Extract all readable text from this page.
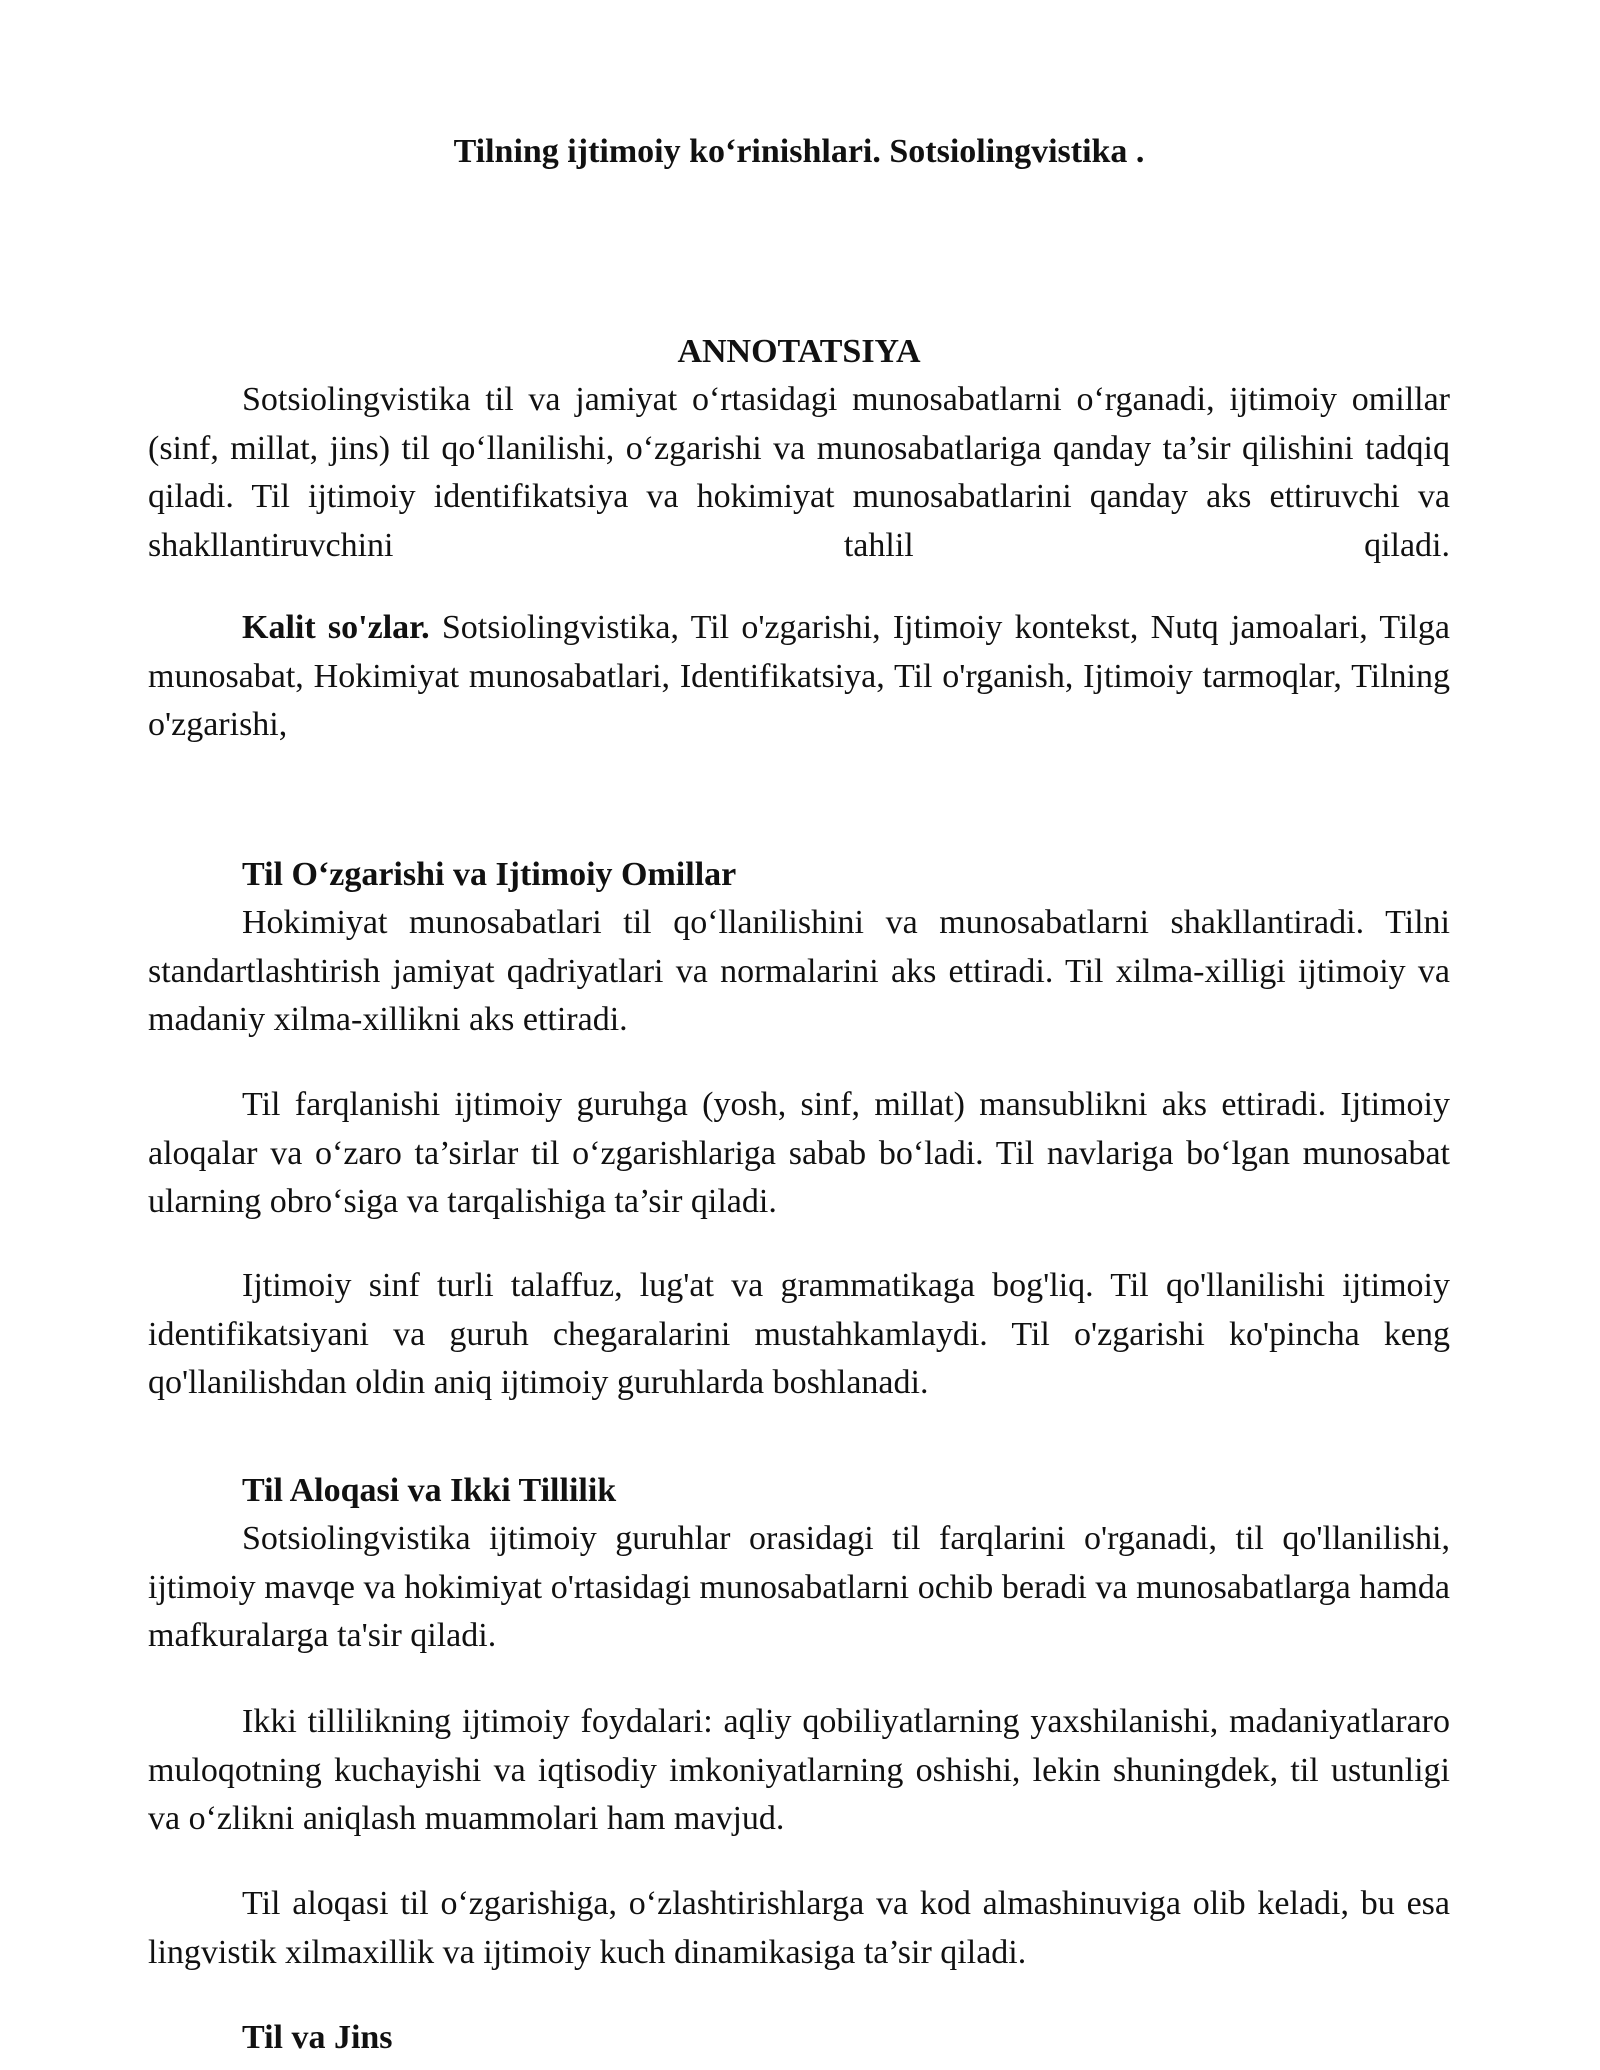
Tilning ijtimoiy ko‘rinishlari. Sotsiolingvistika .
ANNOTATSIYA

Sotsiolingvistika til va jamiyat o‘rtasidagi munosabatlarni o‘rganadi, ijtimoiy omillar (sinf, millat, jins) til qo‘llanilishi, o‘zgarishi va munosabatlariga qanday ta’sir qilishini tadqiq qiladi. Til ijtimoiy identifikatsiya va hokimiyat munosabatlarini qanday aks ettiruvchi va shakllantiruvchini tahlil qiladi.

Kalit so'zlar. Sotsiolingvistika, Til o'zgarishi, Ijtimoiy kontekst, Nutq jamoalari, Tilga munosabat, Hokimiyat munosabatlari, Identifikatsiya, Til o'rganish, Ijtimoiy tarmoqlar, Tilning o'zgarishi,

Til O‘zgarishi va Ijtimoiy Omillar

Hokimiyat munosabatlari til qo‘llanilishini va munosabatlarni shakllantiradi. Tilni standartlashtirish jamiyat qadriyatlari va normalarini aks ettiradi. Til xilma-xilligi ijtimoiy va madaniy xilma-xillikni aks ettiradi.

Til farqlanishi ijtimoiy guruhga (yosh, sinf, millat) mansublikni aks ettiradi. Ijtimoiy aloqalar va o‘zaro ta’sirlar til o‘zgarishlariga sabab bo‘ladi. Til navlariga bo‘lgan munosabat ularning obro‘siga va tarqalishiga ta’sir qiladi.

Ijtimoiy sinf turli talaffuz, lug'at va grammatikaga bog'liq. Til qo'llanilishi ijtimoiy identifikatsiyani va guruh chegaralarini mustahkamlaydi. Til o'zgarishi ko'pincha keng qo'llanilishdan oldin aniq ijtimoiy guruhlarda boshlanadi.

Til Aloqasi va Ikki Tillilik

Sotsiolingvistika ijtimoiy guruhlar orasidagi til farqlarini o'rganadi, til qo'llanilishi, ijtimoiy mavqe va hokimiyat o'rtasidagi munosabatlarni ochib beradi va munosabatlarga hamda mafkuralarga ta'sir qiladi.

Ikki tillilikning ijtimoiy foydalari: aqliy qobiliyatlarning yaxshilanishi, madaniyatlararo muloqotning kuchayishi va iqtisodiy imkoniyatlarning oshishi, lekin shuningdek, til ustunligi va o‘zlikni aniqlash muammolari ham mavjud.

Til aloqasi til o‘zgarishiga, o‘zlashtirishlarga va kod almashinuviga olib keladi, bu esa lingvistik xilmaxillik va ijtimoiy kuch dinamikasiga ta’sir qiladi.

Til va Jins
